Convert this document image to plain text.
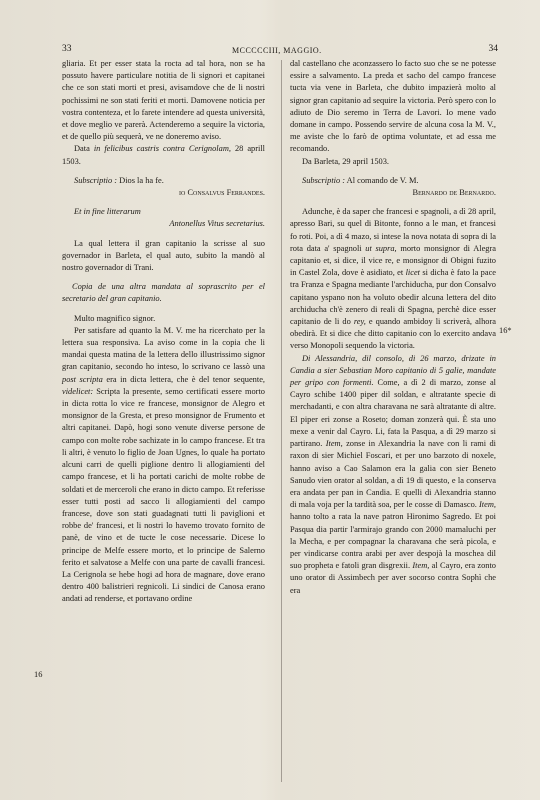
33	MCCCCCIII, MAGGIO.	34
16
16*

gliaria. Et per esser stata la rocta ad tal hora, non se ha possuto havere particulare notitia de li signori et capitanei che ce son stati morti et presi, avisamdove che de li nostri pochissimi ne son stati feriti et morti. Damovene noticia per vostra contenteza, et lo farete intendere ad questa università, et dove meglio ve parerà. Actenderemo a sequire la victoria, et de quello più sequerà, ve ne doneremo aviso.

Data in felicibus castris contra Cerignolam, 28 aprill 1503.

Subscriptio : Dios la ha fe.

io Consalvus Ferrandes.

Et in fine litterarum

Antonellus Vitus secretarius.

La qual lettera il gran capitanio la scrisse al suo governador in Barleta, el qual auto, subito la mandò al nostro governador di Trani.

Copia de una altra mandata al soprascrito per el secretario del gran capitanio.

Multo magnifico signor.

Per satisfare ad quanto la M. V. me ha ricerchato per la lettera sua responsiva. La aviso come in la copia che li mandai questa matina de la lettera dello illustrissimo signor gran capitanio, secondo ho inteso, lo scrivano ce lassò una post scripta era in dicta lettera, che è del tenor sequente, videlicet: Scripta la presente, semo certificati essere morto in dicta rotta lo vice re francese, monsignor de Alegro et monsignor de la Gresta, et preso monsignor de Frumento et altri capitanei. Dapò, hogi sono venute diverse persone de campo con molte robe sachizate in lo campo francese. Et tra li altri, è venuto lo figlio de Joan Ugnes, lo quale ha portato alcuni carri de quelli piglione dentro li allogiamienti del campo francese, et li ha portati carichi de molte robbe de soldati et de merceroli che erano in dicto campo. Et referisse esser tutti posti ad sacco li allogiamienti del campo francese, dove son stati guadagnati tutti li paviglioni et robbe de' francesi, et li nostri lo havemo trovato fornito de panè, de vino et de tucte le cose necessarie. Dicese lo principe de Melfe essere morto, et lo principe de Salerno ferito et salvatose a Melfe con una parte de cavalli francesi. La Cerignola se hebe hogi ad hora de magnare, dove erano dentro 400 balistrieri regnicoli. Li sindici de Canosa erano andati ad renderse, et portavano ordine

dal castellano che aconzassero lo facto suo che se ne potesse essire a salvamento. La preda et sacho del campo francese tucta via vene in Barleta, che dubito impazierà molto al signor gran capitanio ad sequire la victoria. Però spero con lo adiuto de Dio seremo in Terra de Lavori. Io mene vado domane in campo. Possendo servire de alcuna cosa la M. V., me aviste che lo farò de optima voluntate, et ad essa me recomando.

Da Barleta, 29 april 1503.

Subscriptio : Al comando de V. M.

Bernardo de Bernardo.

Adunche, è da saper che francesi e spagnoli, a dì 28 april, apresso Bari, su quel di Bitonte, fonno a le man, et francesi fo roti. Poi, a dì 4 mazo, si intese la nova notata di sopra di la rota data a' spagnoli ut supra, morto monsignor di Alegra capitanio et, si dice, il vice re, e monsignor di Obigni fuzito in Castel Zola, dove è asidiato, et licet si dicha è fato la pace tra Franza e Spagna mediante l'archiducha, pur don Consalvo capitano yspano non ha voluto obedir alcuna lettera del dito archiducha ch'è zenero di reali di Spagna, perchè dice esser capitanio de li do rey, e quando ambidoy li scriverà, alhora obedirà. Et si dice che ditto capitanio con lo exercito andava verso Monopoli sequendo la victoria.

Di Alessandria, dil consolo, di 26 marzo, drizate in Candia a sier Sebastian Moro capitanio di 5 galie, mandate per gripo con formenti. Come, a dì 2 di marzo, zonse al Cayro schibe 1400 piper dil soldan, e altratante specie di merchadanti, e con altra charavana ne sarà altratante di altre. El piper eri zonse a Roseto; doman zonzerà qui. È sta uno mexe a venir dal Cayro. Li, fata la Pasqua, a dì 29 marzo si partirano. Item, zonse in Alexandria la nave con li rami di raxon di sier Michiel Foscari, et per uno barzoto di noxele, hanno aviso a Cao Salamon era la galia con sier Beneto Sanudo vien orator al soldan, a dì 19 di questo, e la conserva era andata per pan in Candia. E quelli di Alexandria stanno di mala voja per la tardità soa, per le cosse di Damasco. Item, hanno tolto a rata la nave patron Hironimo Sagredo. Et poi Pasqua dia partir l'armirajo grando con 2000 mamaluchi per la Mecha, e per compagnar la charavana che serà picola, e per vindicarse contra arabi per aver despojà la moschea dil suo propheta e fatoli gran disgrexii. Item, al Cayro, era zonto uno orator di Assimbech per aver socorso contra Sophì che era
